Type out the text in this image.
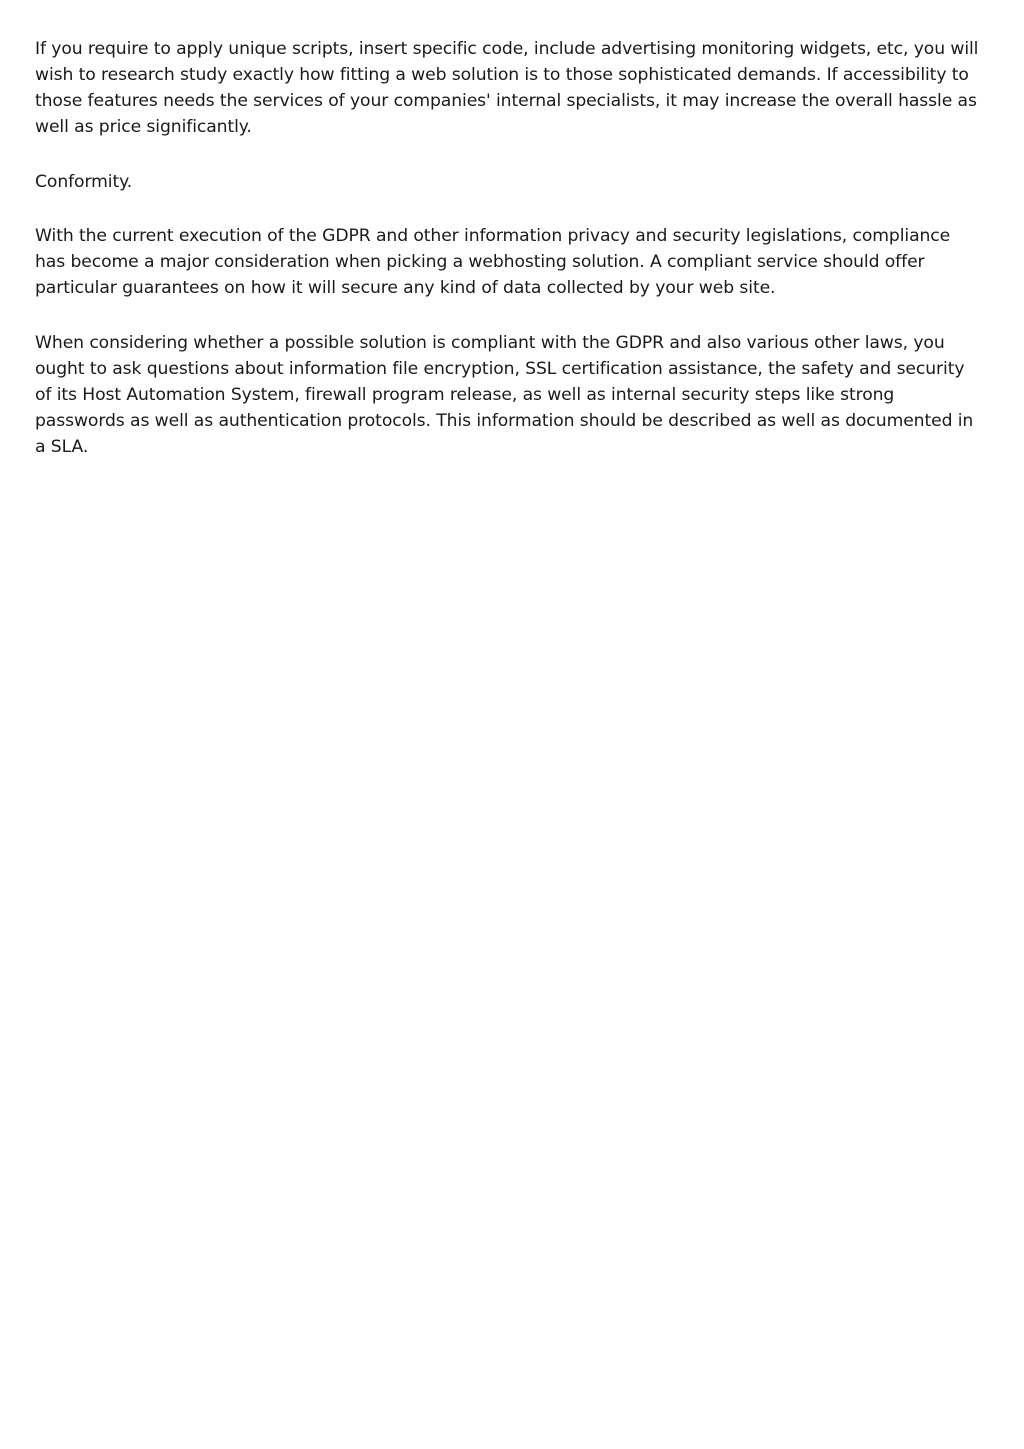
If you require to apply unique scripts, insert specific code, include advertising monitoring widgets, etc, you will wish to research study exactly how fitting a web solution is to those sophisticated demands. If accessibility to those features needs the services of your companies' internal specialists, it may increase the overall hassle as well as price significantly.

Conformity.

With the current execution of the GDPR and other information privacy and security legislations, compliance has become a major consideration when picking a webhosting solution. A compliant service should offer particular guarantees on how it will secure any kind of data collected by your web site.

When considering whether a possible solution is compliant with the GDPR and also various other laws, you ought to ask questions about information file encryption, SSL certification assistance, the safety and security of its Host Automation System, firewall program release, as well as internal security steps like strong passwords as well as authentication protocols. This information should be described as well as documented in a SLA.
